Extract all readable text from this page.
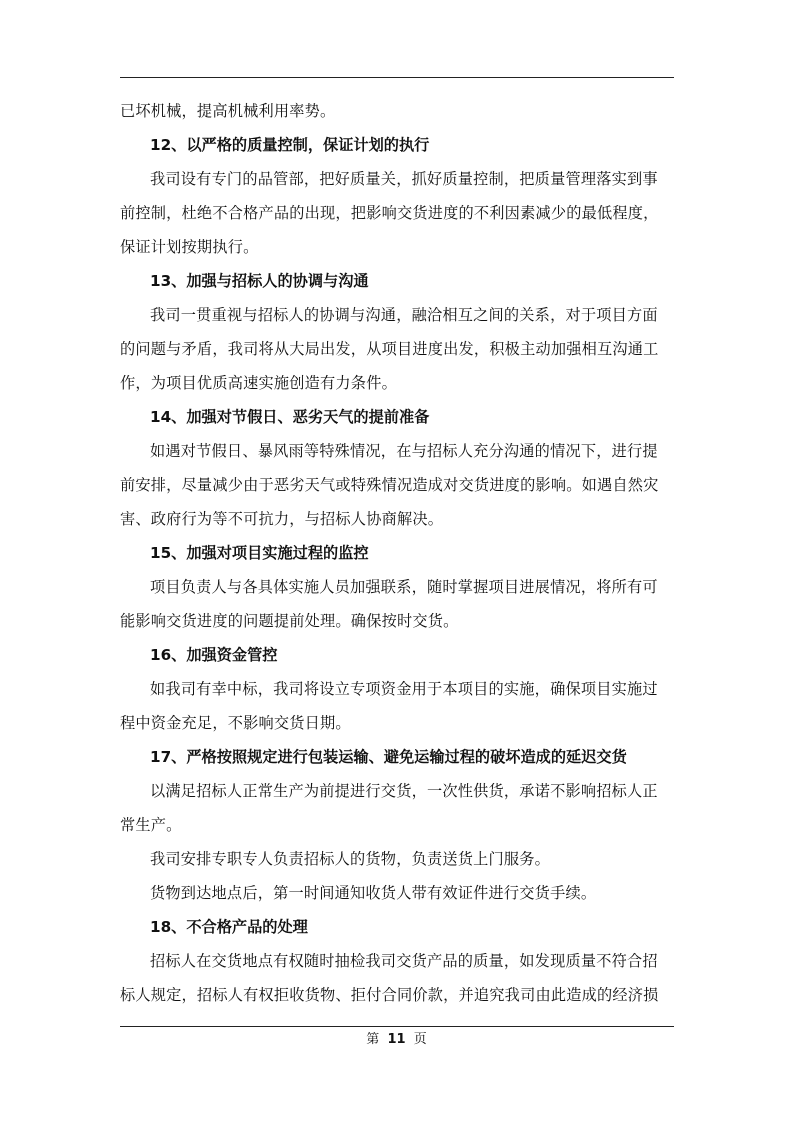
已坏机械，提高机械利用率势。

12、以严格的质量控制，保证计划的执行

我司设有专门的品管部，把好质量关，抓好质量控制，把质量管理落实到事

前控制，杜绝不合格产品的出现，把影响交货进度的不利因素减少的最低程度，

保证计划按期执行。

13、加强与招标人的协调与沟通

我司一贯重视与招标人的协调与沟通，融洽相互之间的关系，对于项目方面

的问题与矛盾，我司将从大局出发，从项目进度出发，积极主动加强相互沟通工

作，为项目优质高速实施创造有力条件。

14、加强对节假日、恶劣天气的提前准备

如遇对节假日、暴风雨等特殊情况，在与招标人充分沟通的情况下，进行提

前安排，尽量减少由于恶劣天气或特殊情况造成对交货进度的影响。如遇自然灾

害、政府行为等不可抗力，与招标人协商解决。

15、加强对项目实施过程的监控

项目负责人与各具体实施人员加强联系，随时掌握项目进展情况，将所有可

能影响交货进度的问题提前处理。确保按时交货。

16、加强资金管控

如我司有幸中标，我司将设立专项资金用于本项目的实施，确保项目实施过

程中资金充足，不影响交货日期。

17、严格按照规定进行包装运输、避免运输过程的破坏造成的延迟交货

以满足招标人正常生产为前提进行交货，一次性供货，承诺不影响招标人正

常生产。

我司安排专职专人负责招标人的货物，负责送货上门服务。

货物到达地点后，第一时间通知收货人带有效证件进行交货手续。

18、不合格产品的处理

招标人在交货地点有权随时抽检我司交货产品的质量，如发现质量不符合招

标人规定，招标人有权拒收货物、拒付合同价款，并追究我司由此造成的经济损

第 11 页
